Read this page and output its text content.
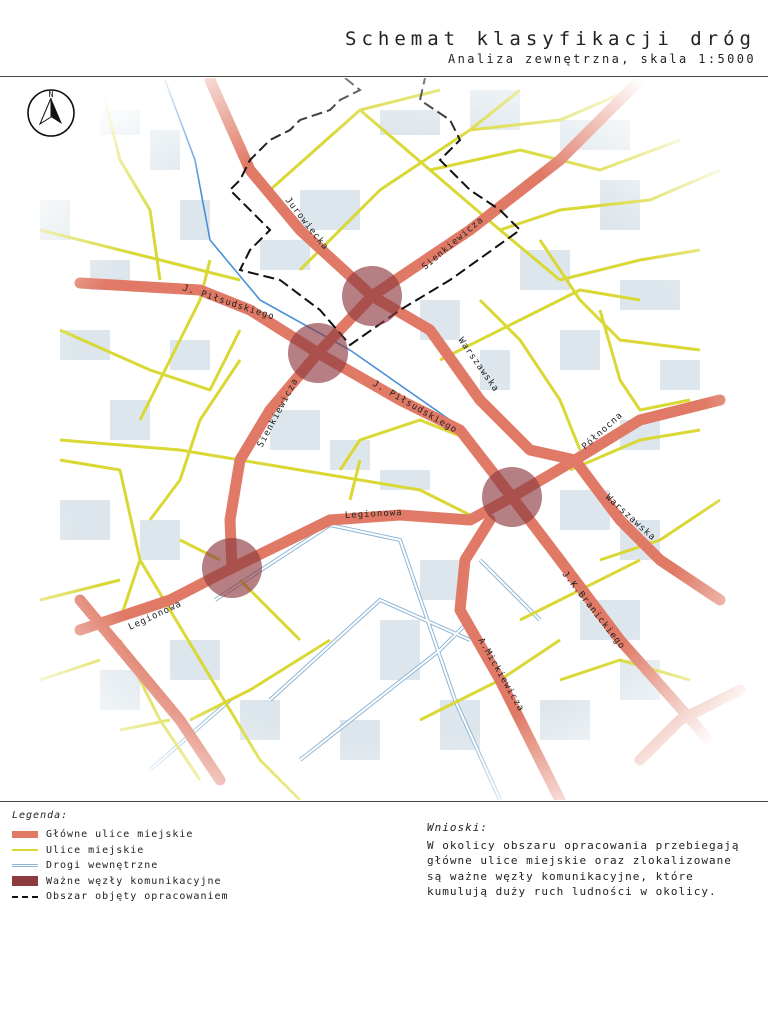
Schemat klasyfikacji dróg
Analiza zewnętrzna, skala 1:5000
N
Legenda:
Główne ulice miejskie
Ulice miejskie
Drogi wewnętrzne
Ważne węzły komunikacyjne
Obszar objęty opracowaniem
Wnioski:
W okolicy obszaru opracowania przebiegają
główne ulice miejskie oraz zlokalizowane
są ważne węzły komunikacyjne, które
kumulują duży ruch ludności w okolicy.
